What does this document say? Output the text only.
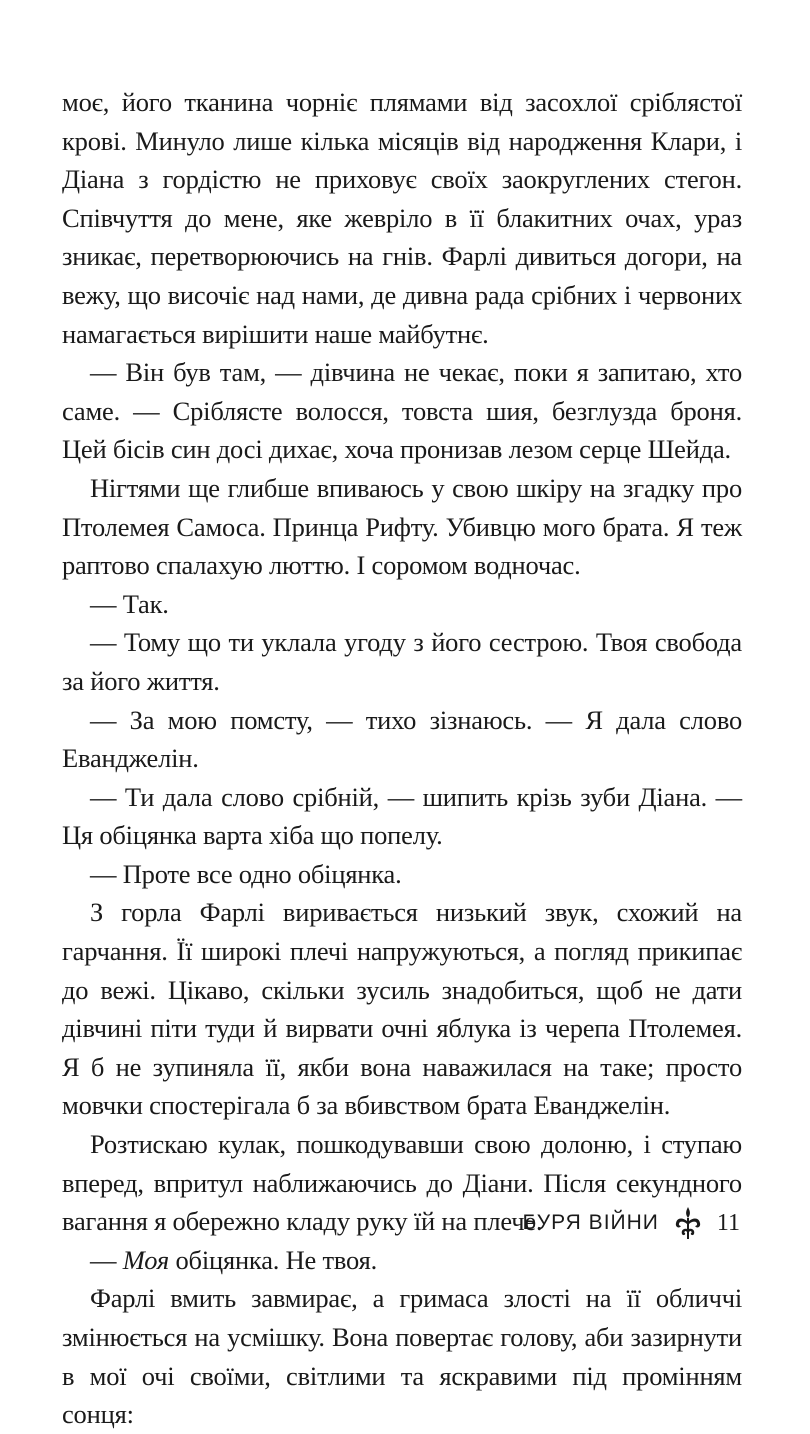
моє, його тканина чорніє плямами від засохлої сріблястої крові. Минуло лише кілька місяців від народження Клари, і Діана з гордістю не приховує своїх заокруглених стегон. Співчуття до мене, яке жевріло в її блакитних очах, ураз зникає, перетворюючись на гнів. Фарлі дивиться догори, на вежу, що височіє над нами, де дивна рада срібних і червоних намагається вирішити наше майбутнє.

— Він був там, — дівчина не чекає, поки я запитаю, хто саме. — Сріблясте волосся, товста шия, безглузда броня. Цей бісів син досі дихає, хоча пронизав лезом серце Шейда.

Нігтями ще глибше впиваюсь у свою шкіру на згадку про Птолемея Самоса. Принца Рифту. Убивцю мого брата. Я теж раптово спалахую люттю. І соромом водночас.

— Так.

— Тому що ти уклала угоду з його сестрою. Твоя свобода за його життя.

— За мою помсту, — тихо зізнаюсь. — Я дала слово Еванджелін.

— Ти дала слово срібній, — шипить крізь зуби Діана. — Ця обіцянка варта хіба що попелу.

— Проте все одно обіцянка.

З горла Фарлі виривається низький звук, схожий на гарчання. Її широкі плечі напружуються, а погляд прикипає до вежі. Цікаво, скільки зусиль знадобиться, щоб не дати дівчині піти туди й вирвати очні яблука із черепа Птолемея. Я б не зупиняла її, якби вона наважилася на таке; просто мовчки спостерігала б за вбивством брата Еванджелін.

Розтискаю кулак, пошкодувавши свою долоню, і ступаю вперед, впритул наближаючись до Діани. Після секундного вагання я обережно кладу руку їй на плече.

— Моя обіцянка. Не твоя.

Фарлі вмить завмирає, а гримаса злості на її обличчі змінюється на усмішку. Вона повертає голову, аби зазирнути в мої очі своїми, світлими та яскравими під промінням сонця:

БУРЯ ВІЙНИ 11
